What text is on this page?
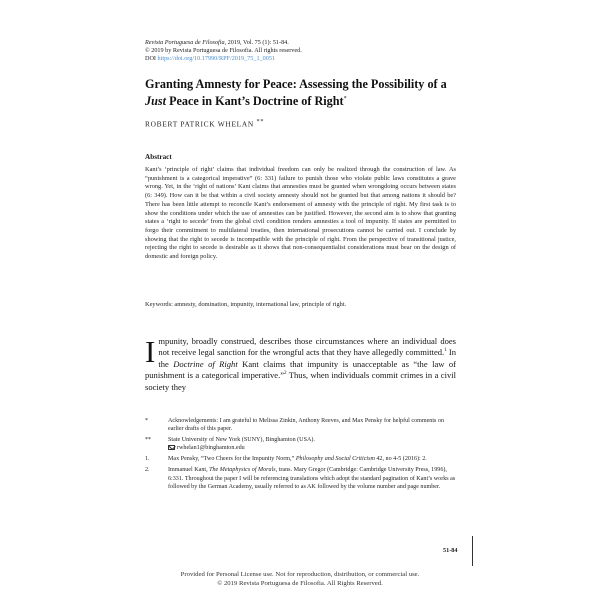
Revista Portuguesa de Filosofia, 2019, Vol. 75 (1): 51-84.
© 2019 by Revista Portuguesa de Filosofia. All rights reserved.
DOI https://doi.org/10.17990/RPF/2019_75_1_0051
Granting Amnesty for Peace: Assessing the Possibility of a
Just Peace in Kant’s Doctrine of Right*
ROBERT PATRICK WHELAN **
Abstract
Kant’s ‘principle of right’ claims that individual freedom can only be realized through the construction of law. As “punishment is a categorical imperative” (6: 331) failure to punish those who violate public laws constitutes a grave wrong. Yet, in the ‘right of nations’ Kant claims that amnesties must be granted when wrongdoing occurs between states (6: 349). How can it be that within a civil society amnesty should not be granted but that among nations it should be? There has been little attempt to reconcile Kant’s endorsement of amnesty with the principle of right. My first task is to show the conditions under which the use of amnesties can be justified. However, the second aim is to show that granting states a ‘right to secede’ from the global civil condition renders amnesties a tool of impunity. If states are permitted to forgo their commitment to multilateral treaties, then international prosecutions cannot be carried out. I conclude by showing that the right to secede is incompatible with the principle of right. From the perspective of transitional justice, rejecting the right to secede is desirable as it shows that non-consequentialist considerations must bear on the design of domestic and foreign policy.
Keywords: amnesty, domination, impunity, international law, principle of right.
Impunity, broadly construed, describes those circumstances where an individual does not receive legal sanction for the wrongful acts that they have allegedly committed.$^1$ In the Doctrine of Right Kant claims that impunity is unacceptable as “the law of punishment is a categorical imperative.”$^2$ Thus, when individuals commit crimes in a civil society they
*	Acknowledgements: I am grateful to Melissa Zinkin, Anthony Reeves, and Max Pensky for helpful comments on earlier drafts of this paper.
**	State University of New York (SUNY), Binghamton (USA).
rwhelan1@binghamton.edu
1.	Max Pensky, “Two Cheers for the Impunity Norm,” Philosophy and Social Criticism 42, no 4-5 (2016): 2.
2.	Immanuel Kant, The Metaphysics of Morals, trans. Mary Gregor (Cambridge: Cambridge University Press, 1996), 6:331. Throughout the paper I will be referencing translations which adopt the standard pagination of Kant’s works as followed by the German Academy, usually referred to as AK followed by the volume number and page number.
51-84
Provided for Personal License use. Not for reproduction, distribution, or commercial use.
© 2019 Revista Portuguesa de Filosofia. All Rights Reserved.
